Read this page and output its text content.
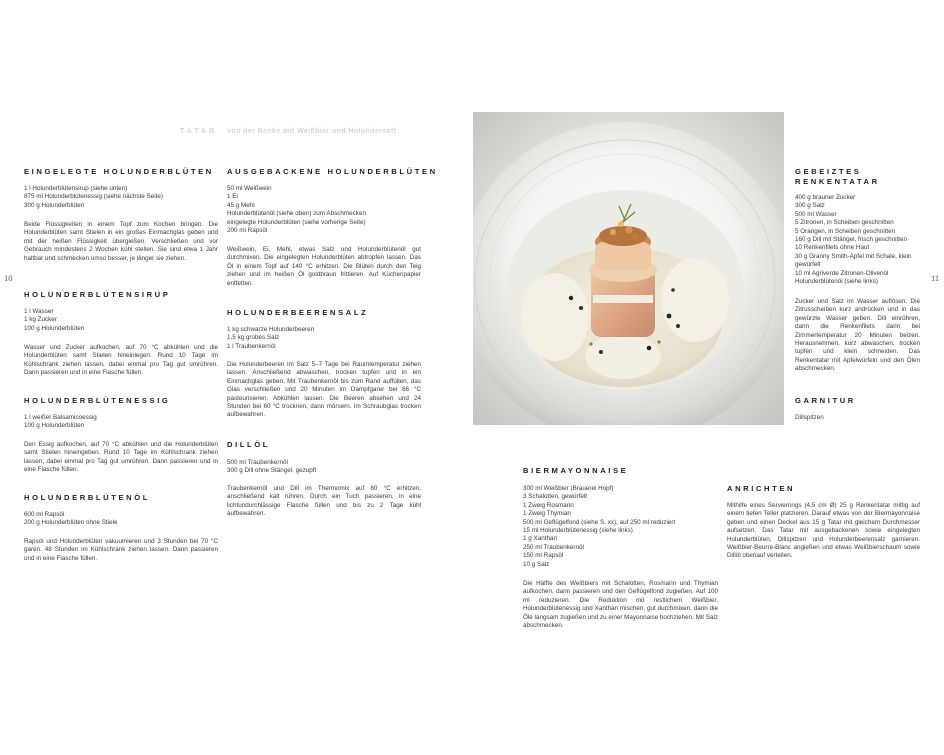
TATAR von der Renke mit Weißbier und Holundersaft
10	11
EINGELEGTE HOLUNDERBLÜTEN
1 l Holunderblütensirup (siehe unten)
875 ml Holunderblütenessig (siehe nächste Seite)
300 g Holunderblüten
Beide Flüssigkeiten in einem Topf zum Kochen bringen. Die Holunderblüten samt Stielen in ein großes Einmachglas geben und mit der heißen Flüssigkeit übergießen. Verschließen und vor Gebrauch mindestens 2 Wochen kühl stellen. Sie sind etwa 1 Jahr haltbar und schmecken umso besser, je länger sie ziehen.
HOLUNDERBLÜTENSIRUP
1 l Wasser
1 kg Zucker
100 g Holunderblüten
Wasser und Zucker aufkochen, auf 70 °C abkühlen und die Holunderblüten samt Stielen hineinlegen. Rund 10 Tage im Kühlschrank ziehen lassen, dabei einmal pro Tag gut umrühren. Dann passieren und in eine Flasche füllen.
HOLUNDERBLÜTENESSIG
1 l weißer Balsamicoessig
100 g Holunderblüten
Den Essig aufkochen, auf 70 °C abkühlen und die Holunderblüten samt Stielen hineingeben. Rund 10 Tage im Kühlschrank ziehen lassen, dabei einmal pro Tag gut umrühren. Dann passieren und in eine Flasche füllen.
HOLUNDERBLÜTENÖL
600 ml Rapsöl
200 g Holunderblüten ohne Stiele
Rapsöl und Holunderblüten vakuumieren und 3 Stunden bei 70 °C garen. 48 Stunden im Kühlschrank ziehen lassen. Dann passieren und in eine Flasche füllen.
AUSGEBACKENE HOLUNDERBLÜTEN
50 ml Weißwein
1 Ei
45 g Mehl
Holunderblütenöl (siehe oben) zum Abschmecken
eingelegte Holunderblüten (siehe vorherige Seite)
200 ml Rapsöl
Weißwein, Ei, Mehl, etwas Salz und Holunderblütenöl gut durchmixen. Die eingelegten Holunderblüten abtropfen lassen. Das Öl in einem Topf auf 140 °C erhitzen. Die Blüten durch den Teig ziehen und im heißen Öl goldbraun frittieren. Auf Küchenpapier entfetten.
HOLUNDERBEERENSALZ
1 kg schwarze Holunderbeeren
1,5 kg grobes Salz
1 l Traubenkernöl
Die Holunderbeeren im Salz 5–7 Tage bei Raumtemperatur ziehen lassen. Anschließend abwaschen, trocken tupfen und in ein Einmachglas geben. Mit Traubenkernöl bis zum Rand auffüllen, das Glas verschließen und 20 Minuten im Dampfgarer bei 86 °C pasteurisieren. Abkühlen lassen. Die Beeren absehen und 24 Stunden bei 60 °C trocknen, dann mörsern. Im Schraubglas trocken aufbewahren.
DILLÖL
500 ml Traubenkernöl
300 g Dill ohne Stängel, gezupft
Traubenkernöl und Dill im Thermomix auf 80 °C erhitzen, anschließend kalt rühren. Durch ein Tuch passieren, in eine lichtundurchlässige Flasche füllen und bis zu 2 Tage kühl aufbewahren.
GEBEIZTES
RENKENTATAR
400 g brauner Zucker
300 g Salz
500 ml Wasser
5 Zitronen, in Scheiben geschnitten
5 Orangen, in Scheiben geschnitten
160 g Dill mit Stängel, frisch geschnitten
10 Renkenfilets ohne Haut
30 g Granny Smith-Apfel mit Schale, klein gewürfelt
10 ml Agriverde Zitronen-Olivenöl
Holunderblütenöl (siehe links)
Zucker und Salz im Wasser auflösen. Die Zitrusscheiben kurz andrücken und in das gewürzte Wasser geben. Dill einrühren, dann die Renkenfilets darin bei Zimmertemperatur 20 Minuten beizen. Herausnehmen, kurz abwaschen, trocken tupfen und klein schneiden. Das Renkentatar mit Apfelwürfeln und den Ölen abschmecken.
GARNITUR
Dillspitzen
BIERMAYONNAISE
300 ml Weißbier (Brauerei Hopf)
3 Schalotten, gewürfelt
1 Zweig Rosmarin
1 Zweig Thymian
500 ml Geflügelfond (siehe S. xx), auf 250 ml reduziert
15 ml Holunderblütenessig (siehe links)
1 g Xanthan
250 ml Traubenkernöl
150 ml Rapsöl
10 g Salz
Die Hälfte des Weißbiers mit Schalotten, Rosmarin und Thymian aufkochen, dann passieren und den Geflügelfond zugießen. Auf 100 ml reduzieren. Die Reduktion mit restlichem Weißbier, Holunderblütenessig und Xanthan mischen, gut durchmixen, dann die Öle langsam zugießen und zu einer Mayonnaise hochziehen. Mit Salz abschmecken.
ANRICHTEN
Mithilfe eines Servierrings (4,5 cm Ø) 25 g Renkentatar mittig auf einem tiefen Teller platzieren. Darauf etwas von der Biermayonnaise geben und einen Deckel aus 15 g Tatar mit gleichem Durchmesser aufsetzen. Das Tatar mit ausgebackenen sowie eingelegten Holunderblüten, Dillspitzen und Holunderbeerensalz garnieren. Weißbier-Beurre-Blanc angießen und etwas Weißbierschaum sowie Dillöl obenauf verteilen.
